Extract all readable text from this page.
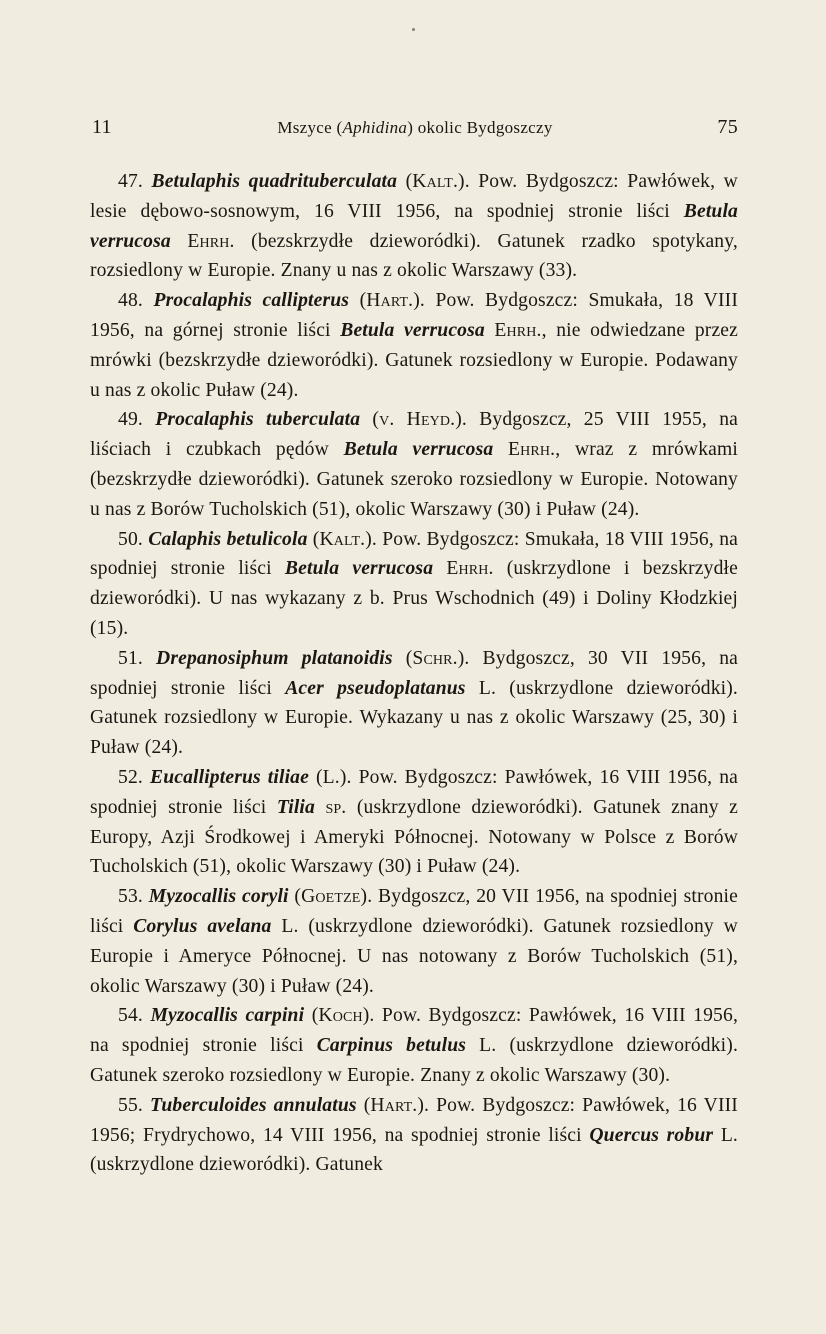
11	Mszyce (Aphidina) okolic Bydgoszczy	75

47. Betulaphis quadrituberculata (Kalt.). Pow. Bydgoszcz: Pawłówek, w lesie dębowo-sosnowym, 16 VIII 1956, na spodniej stronie liści Betula verrucosa Ehrh. (bezskrzydłe dzieworódki). Gatunek rzadko spotykany, rozsiedlony w Europie. Znany u nas z okolic Warszawy (33).

48. Procalaphis callipterus (Hart.). Pow. Bydgoszcz: Smukała, 18 VIII 1956, na górnej stronie liści Betula verrucosa Ehrh., nie odwiedzane przez mrówki (bezskrzydłe dzieworódki). Gatunek rozsiedlony w Europie. Podawany u nas z okolic Puław (24).

49. Procalaphis tuberculata (v. Heyd.). Bydgoszcz, 25 VIII 1955, na liściach i czubkach pędów Betula verrucosa Ehrh., wraz z mrówkami (bezskrzydłe dzieworódki). Gatunek szeroko rozsiedlony w Europie. Notowany u nas z Borów Tucholskich (51), okolic Warszawy (30) i Puław (24).

50. Calaphis betulicola (Kalt.). Pow. Bydgoszcz: Smukała, 18 VIII 1956, na spodniej stronie liści Betula verrucosa Ehrh. (uskrzydlone i bezskrzydłe dzieworódki). U nas wykazany z b. Prus Wschodnich (49) i Doliny Kłodzkiej (15).

51. Drepanosiphum platanoidis (Schr.). Bydgoszcz, 30 VII 1956, na spodniej stronie liści Acer pseudoplatanus L. (uskrzydlone dzieworódki). Gatunek rozsiedlony w Europie. Wykazany u nas z okolic Warszawy (25, 30) i Puław (24).

52. Eucallipterus tiliae (L.). Pow. Bydgoszcz: Pawłówek, 16 VIII 1956, na spodniej stronie liści Tilia sp. (uskrzydlone dzieworódki). Gatunek znany z Europy, Azji Środkowej i Ameryki Północnej. Notowany w Polsce z Borów Tucholskich (51), okolic Warszawy (30) i Puław (24).

53. Myzocallis coryli (Goetze). Bydgoszcz, 20 VII 1956, na spodniej stronie liści Corylus avelana L. (uskrzydlone dzieworódki). Gatunek rozsiedlony w Europie i Ameryce Północnej. U nas notowany z Borów Tucholskich (51), okolic Warszawy (30) i Puław (24).

54. Myzocallis carpini (Koch). Pow. Bydgoszcz: Pawłówek, 16 VIII 1956, na spodniej stronie liści Carpinus betulus L. (uskrzydlone dzieworódki). Gatunek szeroko rozsiedlony w Europie. Znany z okolic Warszawy (30).

55. Tuberculoides annulatus (Hart.). Pow. Bydgoszcz: Pawłówek, 16 VIII 1956; Frydrychowo, 14 VIII 1956, na spodniej stronie liści Quercus robur L. (uskrzydlone dzieworódki). Gatunek
